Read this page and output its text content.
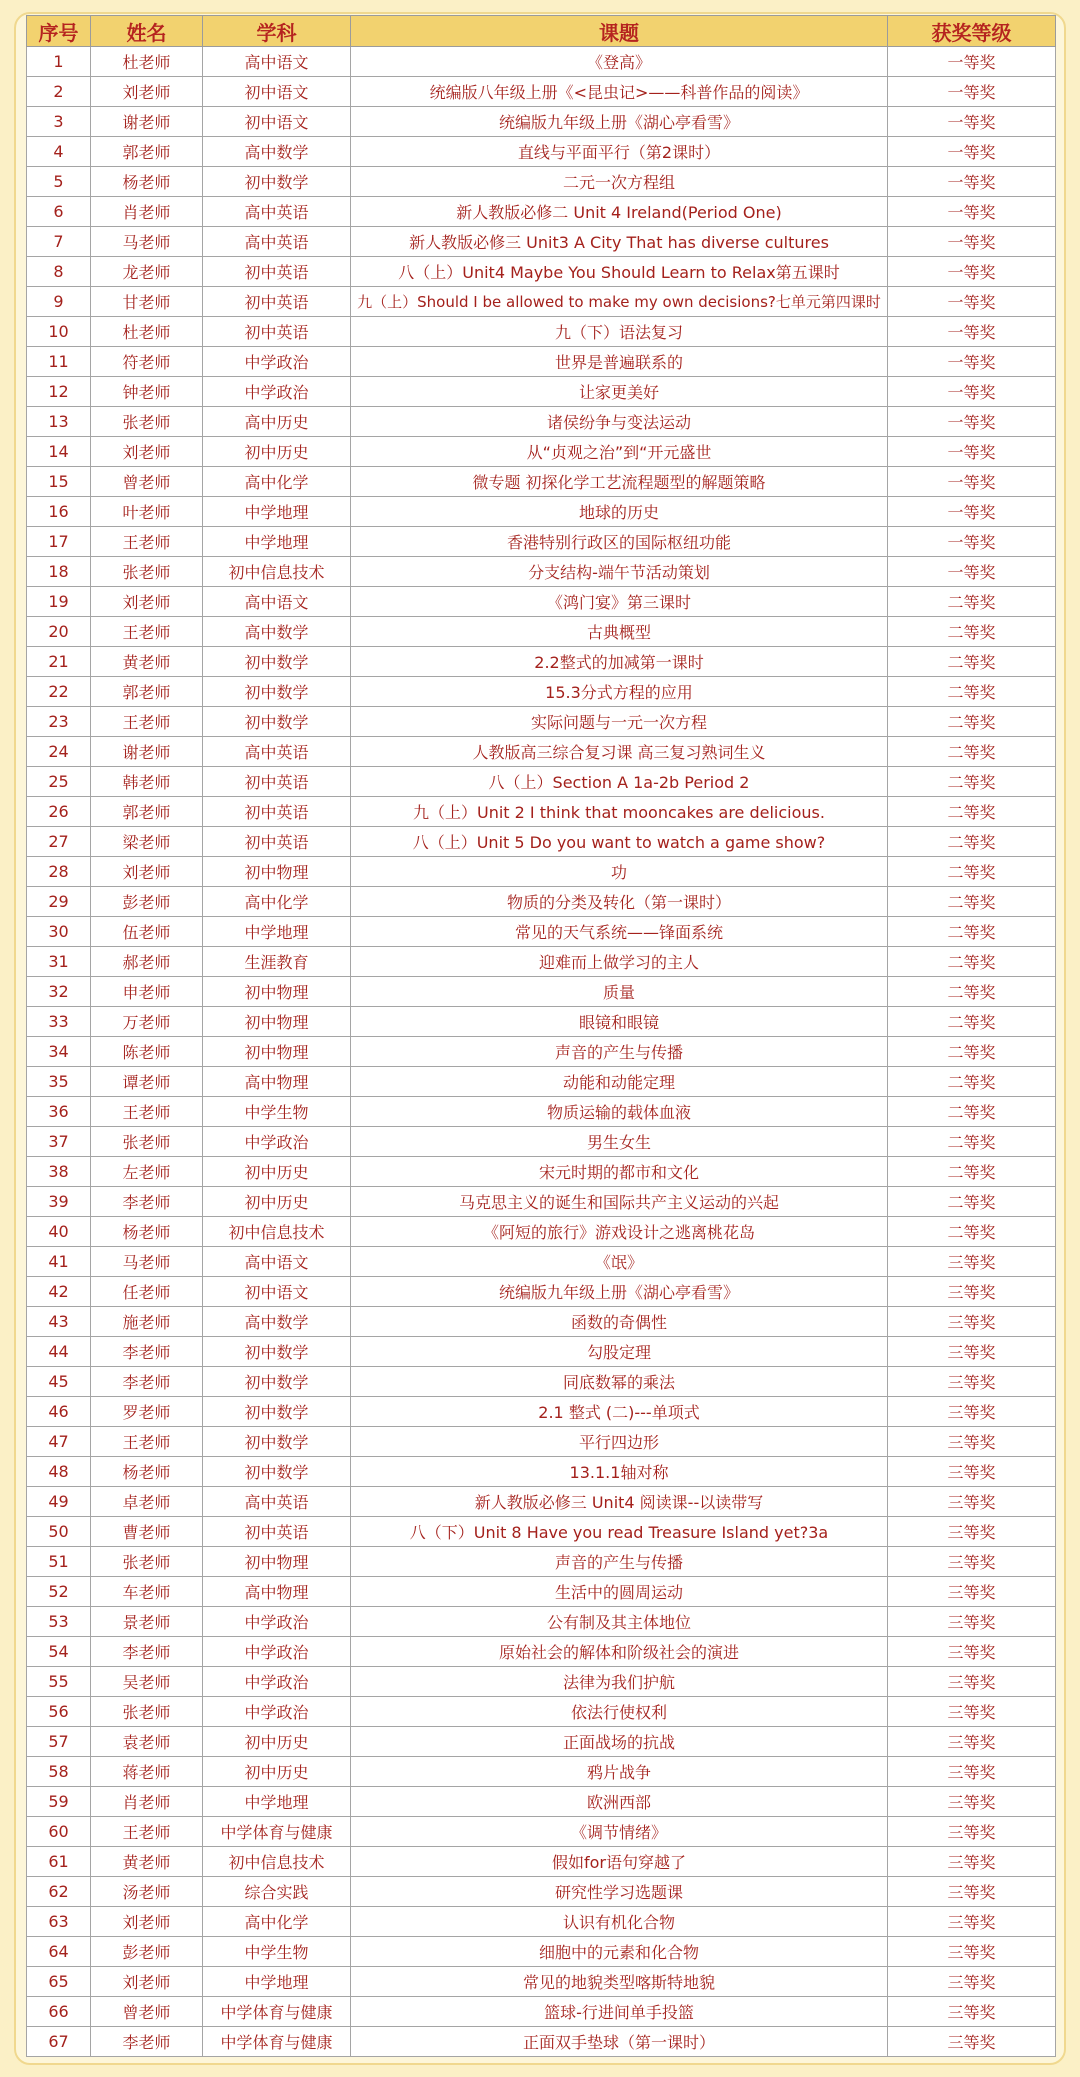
序号	姓名	学科	课题	获奖等级
1	杜老师	高中语文	《登高》	一等奖
2	刘老师	初中语文	统编版八年级上册《<昆虫记>——科普作品的阅读》	一等奖
3	谢老师	初中语文	统编版九年级上册《湖心亭看雪》	一等奖
4	郭老师	高中数学	直线与平面平行（第2课时）	一等奖
5	杨老师	初中数学	二元一次方程组	一等奖
6	肖老师	高中英语	新人教版必修二 Unit 4 Ireland(Period One)	一等奖
7	马老师	高中英语	新人教版必修三 Unit3 A City That has diverse cultures	一等奖
8	龙老师	初中英语	八（上）Unit4 Maybe You Should Learn to Relax第五课时	一等奖
9	甘老师	初中英语	九（上）Should I be allowed to make my own decisions?七单元第四课时	一等奖
10	杜老师	初中英语	九（下）语法复习	一等奖
11	符老师	中学政治	世界是普遍联系的	一等奖
12	钟老师	中学政治	让家更美好	一等奖
13	张老师	高中历史	诸侯纷争与变法运动	一等奖
14	刘老师	初中历史	从“贞观之治”到“开元盛世	一等奖
15	曾老师	高中化学	微专题 初探化学工艺流程题型的解题策略	一等奖
16	叶老师	中学地理	地球的历史	一等奖
17	王老师	中学地理	香港特别行政区的国际枢纽功能	一等奖
18	张老师	初中信息技术	分支结构-端午节活动策划	一等奖
19	刘老师	高中语文	《鸿门宴》第三课时	二等奖
20	王老师	高中数学	古典概型	二等奖
21	黄老师	初中数学	2.2整式的加减第一课时	二等奖
22	郭老师	初中数学	15.3分式方程的应用	二等奖
23	王老师	初中数学	实际问题与一元一次方程	二等奖
24	谢老师	高中英语	人教版高三综合复习课 高三复习熟词生义	二等奖
25	韩老师	初中英语	八（上）Section A 1a-2b Period 2	二等奖
26	郭老师	初中英语	九（上）Unit 2 I think that mooncakes are delicious.	二等奖
27	梁老师	初中英语	八（上）Unit 5 Do you want to watch a game show?	二等奖
28	刘老师	初中物理	功	二等奖
29	彭老师	高中化学	物质的分类及转化（第一课时）	二等奖
30	伍老师	中学地理	常见的天气系统——锋面系统	二等奖
31	郝老师	生涯教育	迎难而上做学习的主人	二等奖
32	申老师	初中物理	质量	二等奖
33	万老师	初中物理	眼镜和眼镜	二等奖
34	陈老师	初中物理	声音的产生与传播	二等奖
35	谭老师	高中物理	动能和动能定理	二等奖
36	王老师	中学生物	物质运输的载体血液	二等奖
37	张老师	中学政治	男生女生	二等奖
38	左老师	初中历史	宋元时期的都市和文化	二等奖
39	李老师	初中历史	马克思主义的诞生和国际共产主义运动的兴起	二等奖
40	杨老师	初中信息技术	《阿短的旅行》游戏设计之逃离桃花岛	二等奖
41	马老师	高中语文	《氓》	三等奖
42	任老师	初中语文	统编版九年级上册《湖心亭看雪》	三等奖
43	施老师	高中数学	函数的奇偶性	三等奖
44	李老师	初中数学	勾股定理	三等奖
45	李老师	初中数学	同底数幂的乘法	三等奖
46	罗老师	初中数学	2.1 整式 (二)---单项式	三等奖
47	王老师	初中数学	平行四边形	三等奖
48	杨老师	初中数学	13.1.1轴对称	三等奖
49	卓老师	高中英语	新人教版必修三 Unit4 阅读课--以读带写	三等奖
50	曹老师	初中英语	八（下）Unit 8 Have you read Treasure Island yet?3a	三等奖
51	张老师	初中物理	声音的产生与传播	三等奖
52	车老师	高中物理	生活中的圆周运动	三等奖
53	景老师	中学政治	公有制及其主体地位	三等奖
54	李老师	中学政治	原始社会的解体和阶级社会的演进	三等奖
55	吴老师	中学政治	法律为我们护航	三等奖
56	张老师	中学政治	依法行使权利	三等奖
57	袁老师	初中历史	正面战场的抗战	三等奖
58	蒋老师	初中历史	鸦片战争	三等奖
59	肖老师	中学地理	欧洲西部	三等奖
60	王老师	中学体育与健康	《调节情绪》	三等奖
61	黄老师	初中信息技术	假如for语句穿越了	三等奖
62	汤老师	综合实践	研究性学习选题课	三等奖
63	刘老师	高中化学	认识有机化合物	三等奖
64	彭老师	中学生物	细胞中的元素和化合物	三等奖
65	刘老师	中学地理	常见的地貌类型喀斯特地貌	三等奖
66	曾老师	中学体育与健康	篮球-行进间单手投篮	三等奖
67	李老师	中学体育与健康	正面双手垫球（第一课时）	三等奖
